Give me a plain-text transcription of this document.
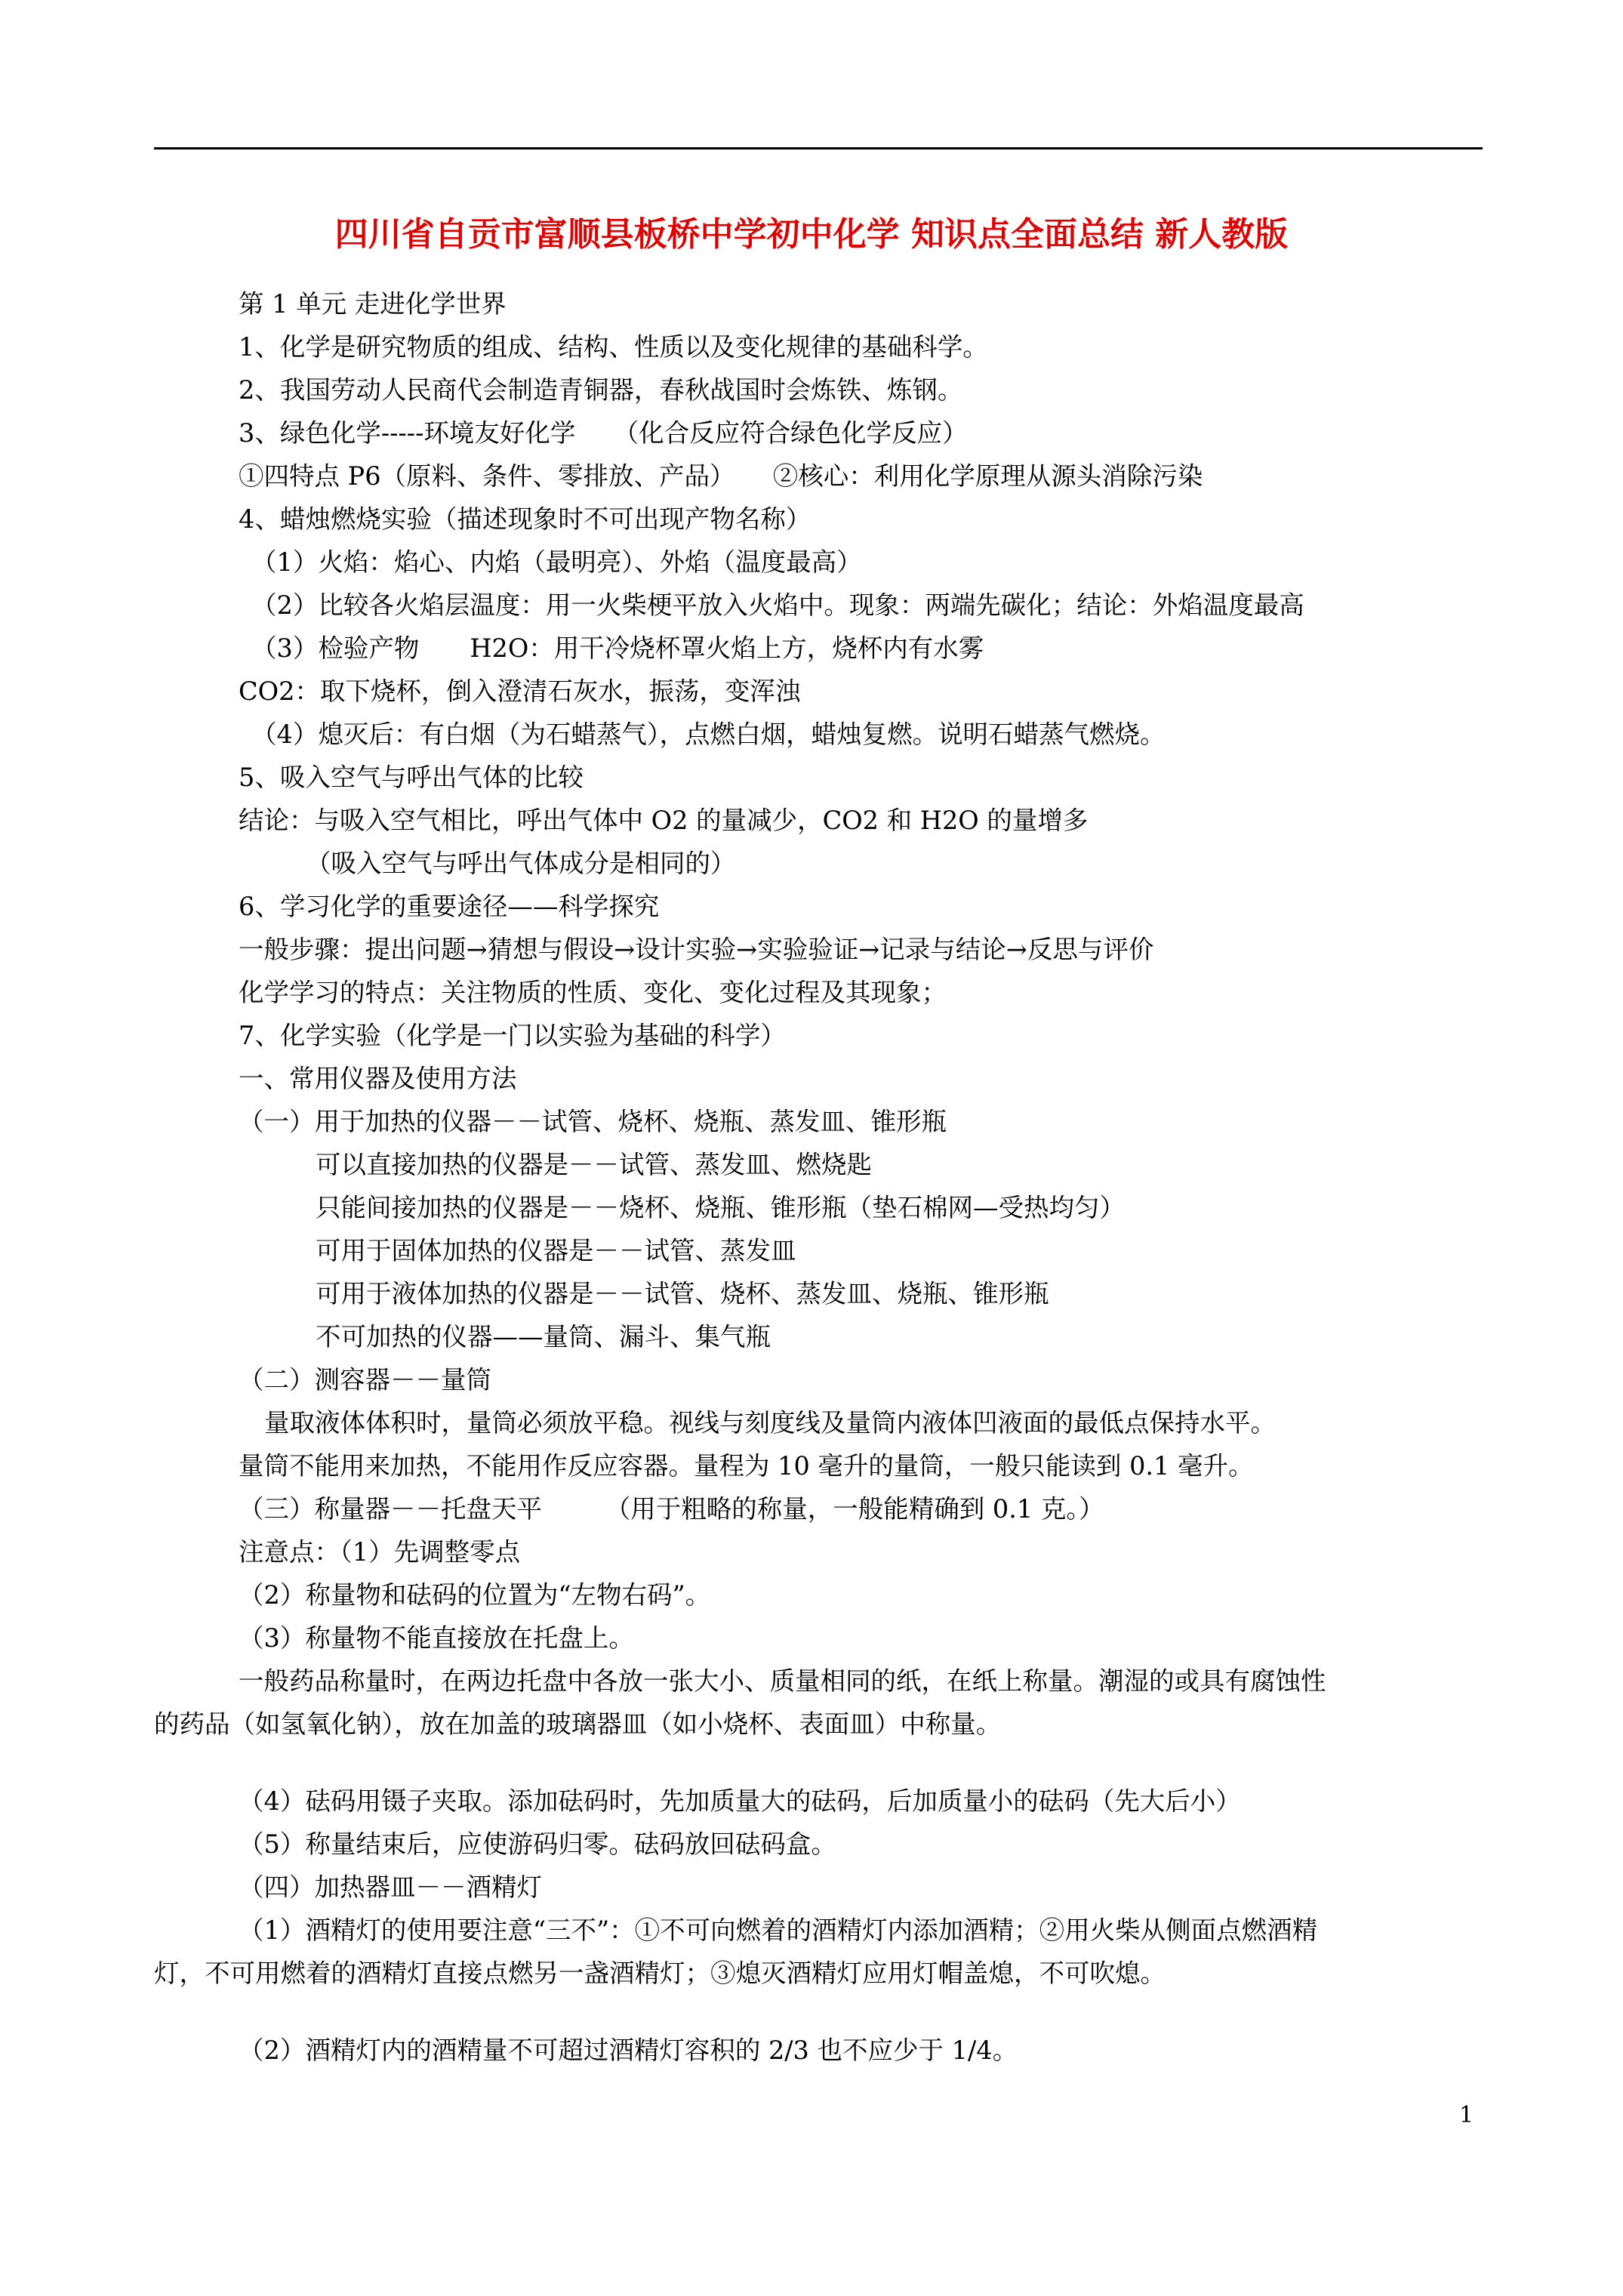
四川省自贡市富顺县板桥中学初中化学 知识点全面总结 新人教版

第 1 单元 走进化学世界

1、化学是研究物质的组成、结构、性质以及变化规律的基础科学。

2、我国劳动人民商代会制造青铜器，春秋战国时会炼铁、炼钢。

3、绿色化学-----环境友好化学　　（化合反应符合绿色化学反应）

①四特点 P6（原料、条件、零排放、产品）　　②核心：利用化学原理从源头消除污染

4、蜡烛燃烧实验（描述现象时不可出现产物名称）

（1）火焰：焰心、内焰（最明亮）、外焰（温度最高）

（2）比较各火焰层温度：用一火柴梗平放入火焰中。现象：两端先碳化；结论：外焰温度最高

（3）检验产物　　H2O：用干冷烧杯罩火焰上方，烧杯内有水雾

CO2：取下烧杯，倒入澄清石灰水，振荡，变浑浊

（4）熄灭后：有白烟（为石蜡蒸气），点燃白烟，蜡烛复燃。说明石蜡蒸气燃烧。

5、吸入空气与呼出气体的比较

结论：与吸入空气相比，呼出气体中 O2 的量减少，CO2 和 H2O 的量增多

（吸入空气与呼出气体成分是相同的）

6、学习化学的重要途径——科学探究

一般步骤：提出问题→猜想与假设→设计实验→实验验证→记录与结论→反思与评价

化学学习的特点：关注物质的性质、变化、变化过程及其现象；

7、化学实验（化学是一门以实验为基础的科学）

一、常用仪器及使用方法

（一）用于加热的仪器－－试管、烧杯、烧瓶、蒸发皿、锥形瓶

可以直接加热的仪器是－－试管、蒸发皿、燃烧匙

只能间接加热的仪器是－－烧杯、烧瓶、锥形瓶（垫石棉网—受热均匀）

可用于固体加热的仪器是－－试管、蒸发皿

可用于液体加热的仪器是－－试管、烧杯、蒸发皿、烧瓶、锥形瓶

不可加热的仪器——量筒、漏斗、集气瓶

（二）测容器－－量筒

量取液体体积时，量筒必须放平稳。视线与刻度线及量筒内液体凹液面的最低点保持水平。

量筒不能用来加热，不能用作反应容器。量程为 10 毫升的量筒，一般只能读到 0.1 毫升。

（三）称量器－－托盘天平　　　（用于粗略的称量，一般能精确到 0.1 克。）

注意点：（1）先调整零点

（2）称量物和砝码的位置为“左物右码”。

（3）称量物不能直接放在托盘上。

一般药品称量时，在两边托盘中各放一张大小、质量相同的纸，在纸上称量。潮湿的或具有腐蚀性

的药品（如氢氧化钠），放在加盖的玻璃器皿（如小烧杯、表面皿）中称量。

（4）砝码用镊子夹取。添加砝码时，先加质量大的砝码，后加质量小的砝码（先大后小）

（5）称量结束后，应使游码归零。砝码放回砝码盒。

（四）加热器皿－－酒精灯

（1）酒精灯的使用要注意“三不”：①不可向燃着的酒精灯内添加酒精；②用火柴从侧面点燃酒精

灯，不可用燃着的酒精灯直接点燃另一盏酒精灯；③熄灭酒精灯应用灯帽盖熄，不可吹熄。

（2）酒精灯内的酒精量不可超过酒精灯容积的 2/3 也不应少于 1/4。

1
